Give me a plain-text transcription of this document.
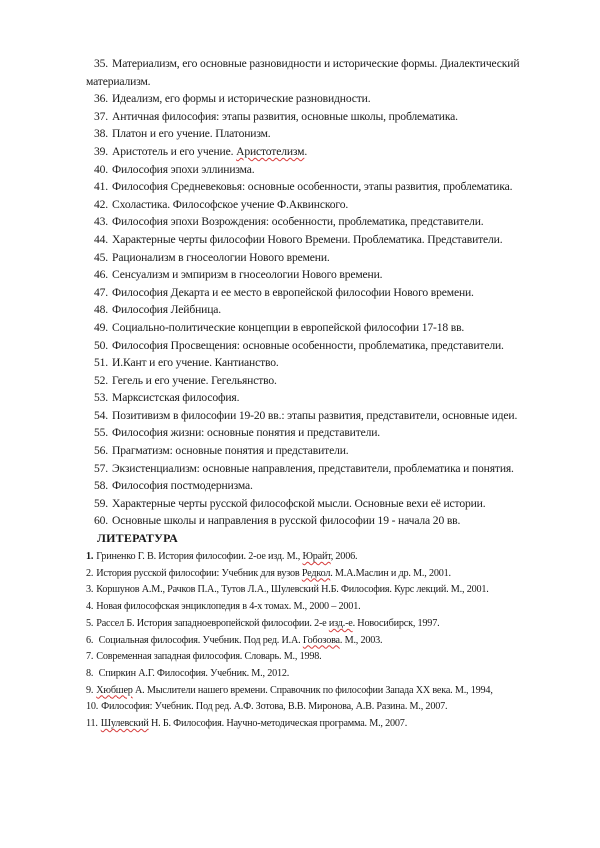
35. Материализм, его основные разновидности и исторические формы. Диалектический материализм.
36. Идеализм, его формы и исторические разновидности.
37. Античная философия: этапы развития, основные школы, проблематика.
38. Платон и его учение. Платонизм.
39. Аристотель и его учение. Аристотелизм.
40. Философия эпохи эллинизма.
41. Философия Средневековья: основные особенности, этапы развития, проблематика.
42. Схоластика. Философское учение Ф.Аквинского.
43. Философия эпохи Возрождения: особенности, проблематика, представители.
44. Характерные черты философии Нового Времени. Проблематика. Представители.
45. Рационализм в гносеологии Нового времени.
46. Сенсуализм и эмпиризм в гносеологии Нового времени.
47. Философия Декарта и ее место в европейской философии Нового времени.
48. Философия Лейбница.
49. Социально-политические концепции в европейской философии 17-18 вв.
50. Философия Просвещения: основные особенности, проблематика, представители.
51. И.Кант и его учение. Кантианство.
52. Гегель и его учение. Гегельянство.
53. Марксистская философия.
54. Позитивизм в философии 19-20 вв.: этапы развития, представители, основные идеи.
55. Философия жизни: основные понятия и представители.
56. Прагматизм: основные понятия и представители.
57. Экзистенциализм: основные направления, представители, проблематика и понятия.
58. Философия постмодернизма.
59. Характерные черты русской философской мысли. Основные вехи её истории.
60. Основные школы и направления в русской философии 19 - начала 20 вв.
ЛИТЕРАТУРА
1. Гриненко Г. В. История философии. 2-ое изд. М., Юрайт, 2006.
2. История русской философии: Учебник для вузов Редкол. М.А.Маслин и др. М., 2001.
3. Коршунов А.М., Рачков П.А., Тутов Л.А., Шулевский Н.Б. Философия. Курс лекций. М., 2001.
4. Новая философская энциклопедия в 4-х томах. М., 2000 – 2001.
5. Рассел Б. История западноевропейской философии. 2-е изд.-е. Новосибирск, 1997.
6. Социальная философия. Учебник. Под ред. И.А. Гобозова. М., 2003.
7. Современная западная философия. Словарь. М., 1998.
8. Спиркин А.Г. Философия. Учебник. М., 2012.
9. Хюбшер А. Мыслители нашего времени. Справочник по философии Запада XX века. М., 1994,
10. Философия: Учебник. Под ред. А.Ф. Зотова, В.В. Миронова, А.В. Разина. М., 2007.
11. Шулевский Н. Б. Философия. Научно-методическая программа. М., 2007.
